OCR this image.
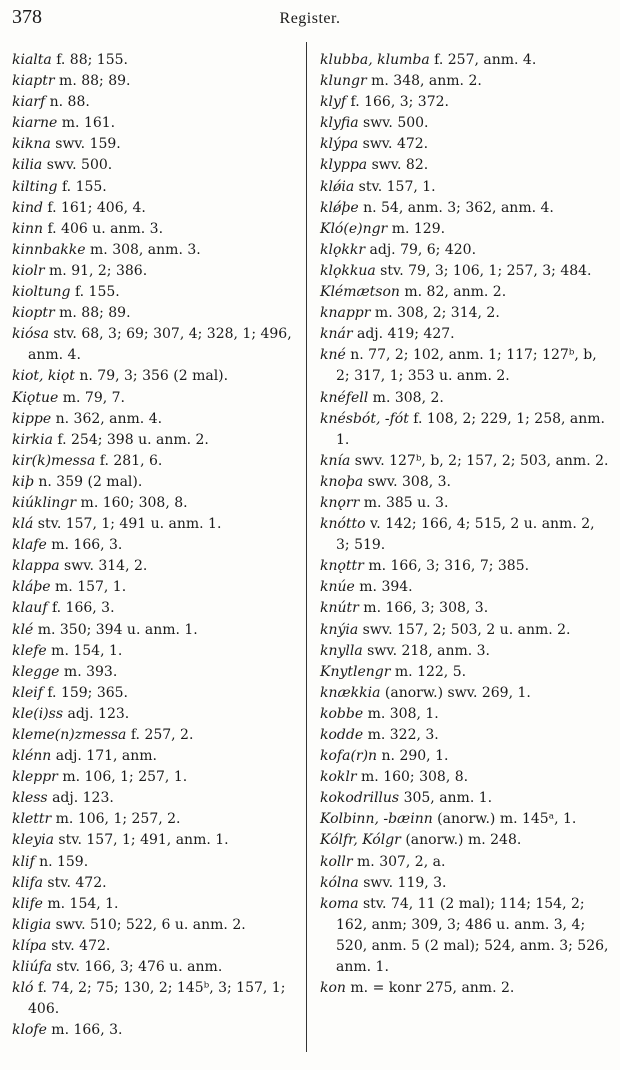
378	Register.
kialta f. 88; 155.
kiaptr m. 88; 89.
kiarf n. 88.
kiarne m. 161.
kikna swv. 159.
kilia swv. 500.
kilting f. 155.
kind f. 161; 406, 4.
kinn f. 406 u. anm. 3.
kinnbakke m. 308, anm. 3.
kiolr m. 91, 2; 386.
kioltung f. 155.
kioptr m. 88; 89.
kiósa stv. 68, 3; 69; 307, 4; 328, 1; 496, anm. 4.
kiot, kiǫt n. 79, 3; 356 (2 mal).
Kiǫtue m. 79, 7.
kippe n. 362, anm. 4.
kirkia f. 254; 398 u. anm. 2.
kir(k)messa f. 281, 6.
kiþ n. 359 (2 mal).
kiúklingr m. 160; 308, 8.
klá stv. 157, 1; 491 u. anm. 1.
klafe m. 166, 3.
klappa swv. 314, 2.
kláþe m. 157, 1.
klauf f. 166, 3.
klé m. 350; 394 u. anm. 1.
klefe m. 154, 1.
klegge m. 393.
kleif f. 159; 365.
kle(i)ss adj. 123.
kleme(n)zmessa f. 257, 2.
klénn adj. 171, anm.
kleppr m. 106, 1; 257, 1.
kless adj. 123.
klettr m. 106, 1; 257, 2.
kleyia stv. 157, 1; 491, anm. 1.
klif n. 159.
klifa stv. 472.
klife m. 154, 1.
kligia swv. 510; 522, 6 u. anm. 2.
klípa stv. 472.
kliúfa stv. 166, 3; 476 u. anm.
kló f. 74, 2; 75; 130, 2; 145ᵇ, 3; 157, 1; 406.
klofe m. 166, 3.
klubba, klumba f. 257, anm. 4.
klungr m. 348, anm. 2.
klyf f. 166, 3; 372.
klyfia swv. 500.
klýpa swv. 472.
klyppa swv. 82.
klǿia stv. 157, 1.
klǿþe n. 54, anm. 3; 362, anm. 4.
Kló(e)ngr m. 129.
klǫkkr adj. 79, 6; 420.
klǫkkua stv. 79, 3; 106, 1; 257, 3; 484.
Klémætson m. 82, anm. 2.
knappr m. 308, 2; 314, 2.
knár adj. 419; 427.
kné n. 77, 2; 102, anm. 1; 117; 127ᵇ, b, 2; 317, 1; 353 u. anm. 2.
knéfell m. 308, 2.
knésbót, -fót f. 108, 2; 229, 1; 258, anm. 1.
knía swv. 127ᵇ, b, 2; 157, 2; 503, anm. 2.
knoþa swv. 308, 3.
knǫrr m. 385 u. 3.
knótto v. 142; 166, 4; 515, 2 u. anm. 2, 3; 519.
knǫttr m. 166, 3; 316, 7; 385.
knúe m. 394.
knútr m. 166, 3; 308, 3.
knýia swv. 157, 2; 503, 2 u. anm. 2.
knylla swv. 218, anm. 3.
Knytlengr m. 122, 5.
knækkia (anorw.) swv. 269, 1.
kobbe m. 308, 1.
kodde m. 322, 3.
kofa(r)n n. 290, 1.
koklr m. 160; 308, 8.
kokodrillus 305, anm. 1.
Kolbinn, -bæinn (anorw.) m. 145ᵃ, 1.
Kólfr, Kólgr (anorw.) m. 248.
kollr m. 307, 2, a.
kólna swv. 119, 3.
koma stv. 74, 11 (2 mal); 114; 154, 2; 162, anm; 309, 3; 486 u. anm. 3, 4; 520, anm. 5 (2 mal); 524, anm. 3; 526, anm. 1.
kon m. = konr 275, anm. 2.
